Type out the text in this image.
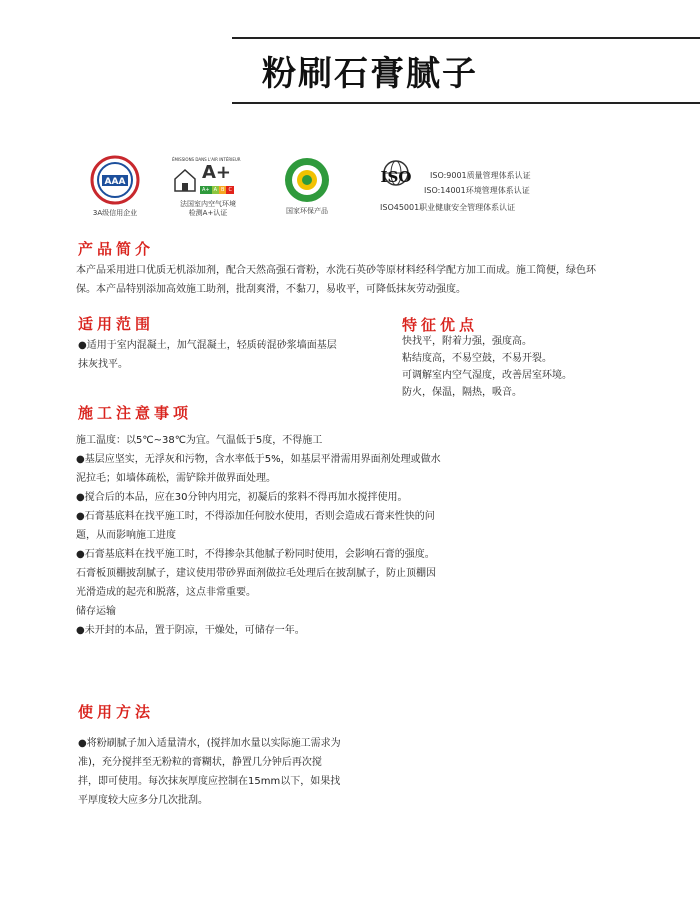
粉刷石膏腻子
AAA
3A级信用企业
ÉMISSIONS DANS L'AIR INTÉRIEUR
A+
A+ A B C
法国室内空气环境
检测A+认证	国家环保产品
ISO	ISO:9001质量管理体系认证
ISO:14001环境管理体系认证
ISO45001职业健康安全管理体系认证
产品简介
本产品采用进口优质无机添加剂，配合天然高强石膏粉，水洗石英砂等原材料经科学配方加工而成。施工简便，绿色环
保。本产品特别添加高效施工助剂，批刮爽滑，不黏刀，易收平，可降低抹灰劳动强度。
适用范围
●适用于室内混凝土，加气混凝土，轻质砖混砂浆墙面基层
抹灰找平。
特征优点
快找平，附着力强，强度高。
粘结度高，不易空鼓，不易开裂。
可调解室内空气湿度，改善居室环境。
防火，保温，隔热，吸音。
施工注意事项
施工温度：以5℃~38℃为宜。气温低于5度，不得施工
●基层应坚实，无浮灰和污物，含水率低于5%，如基层平滑需用界面剂处理或做水
泥拉毛；如墙体疏松，需铲除并做界面处理。
●搅合后的本品，应在30分钟内用完，初凝后的浆料不得再加水搅拌使用。
●石膏基底料在找平施工时，不得添加任何胶水使用，否则会造成石膏来性快的问
题，从而影响施工进度
●石膏基底料在找平施工时，不得掺杂其他腻子粉同时使用，会影响石膏的强度。
石膏板顶棚披刮腻子，建议使用带砂界面剂做拉毛处理后在披刮腻子，防止顶棚因
光滑造成的起壳和脱落，这点非常重要。
储存运输
●未开封的本品，置于阴凉，干燥处，可储存一年。
使用方法
●将粉刷腻子加入适量清水，(搅拌加水量以实际施工需求为
准)，充分搅拌至无粉粒的膏糊状，静置几分钟后再次搅
拌，即可使用。每次抹灰厚度应控制在15mm以下，如果找
平厚度较大应多分几次批刮。
